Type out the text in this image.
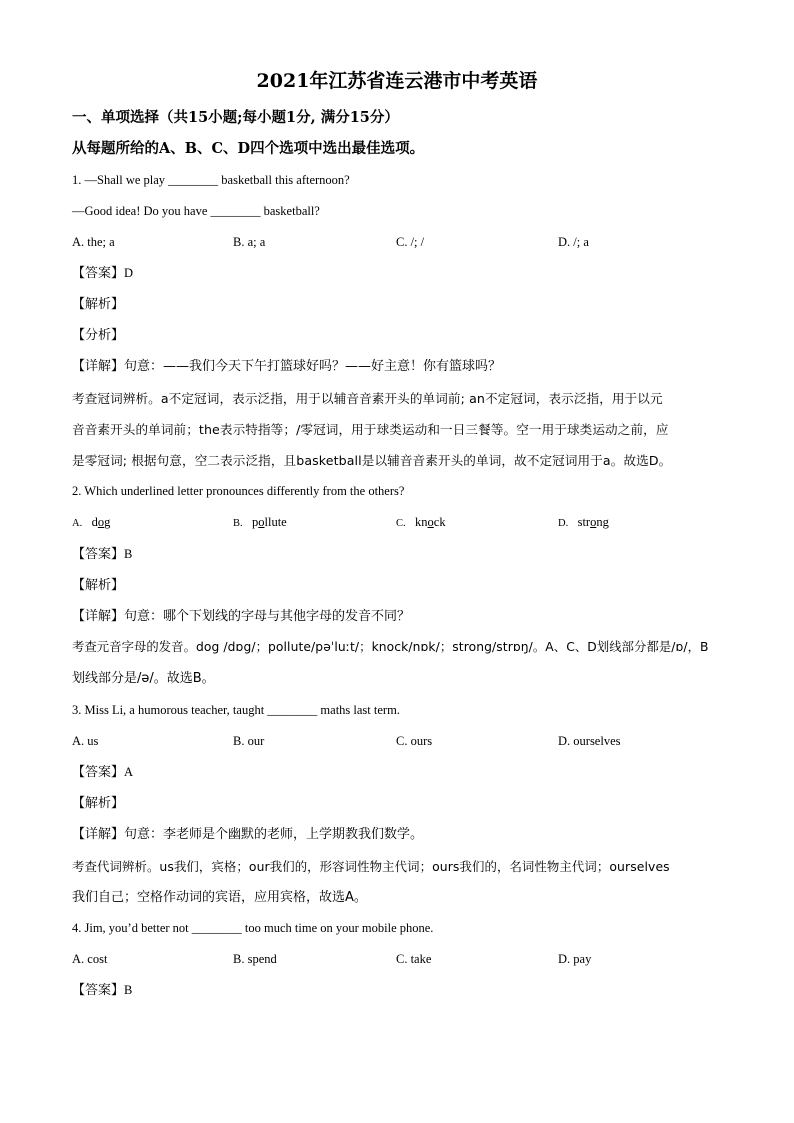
2021年江苏省连云港市中考英语
一、单项选择（共15小题;每小题1分, 满分15分）
从每题所给的A、B、C、D四个选项中选出最佳选项。
1. —Shall we play ________ basketball this afternoon?
—Good idea! Do you have ________ basketball?
A. the; a	B. a; a	C. /; /	D. /; a
【答案】D
【解析】
【分析】
【详解】句意：——我们今天下午打篮球好吗？——好主意！你有篮球吗？
考查冠词辨析。a不定冠词，表示泛指，用于以辅音音素开头的单词前; an不定冠词，表示泛指，用于以元
音音素开头的单词前；the表示特指等；/零冠词，用于球类运动和一日三餐等。空一用于球类运动之前，应
是零冠词; 根据句意，空二表示泛指，且basketball是以辅音音素开头的单词，故不定冠词用于a。故选D。
2. Which underlined letter pronounces differently from the others?
A. dog	B. pollute	C. knock	D. strong
【答案】B
【解析】
【详解】句意：哪个下划线的字母与其他字母的发音不同？
考查元音字母的发音。dog /dɒg/；pollute/pəˈluːt/；knock/nɒk/；strong/strɒŋ/。A、C、D划线部分都是/ɒ/，B
划线部分是/ə/。故选B。
3. Miss Li, a humorous teacher, taught ________ maths last term.
A. us	B. our	C. ours	D. ourselves
【答案】A
【解析】
【详解】句意：李老师是个幽默的老师，上学期教我们数学。
考查代词辨析。us我们，宾格；our我们的，形容词性物主代词；ours我们的，名词性物主代词；ourselves
我们自己；空格作动词的宾语，应用宾格，故选A。
4. Jim, you’d better not ________ too much time on your mobile phone.
A. cost	B. spend	C. take	D. pay
【答案】B
